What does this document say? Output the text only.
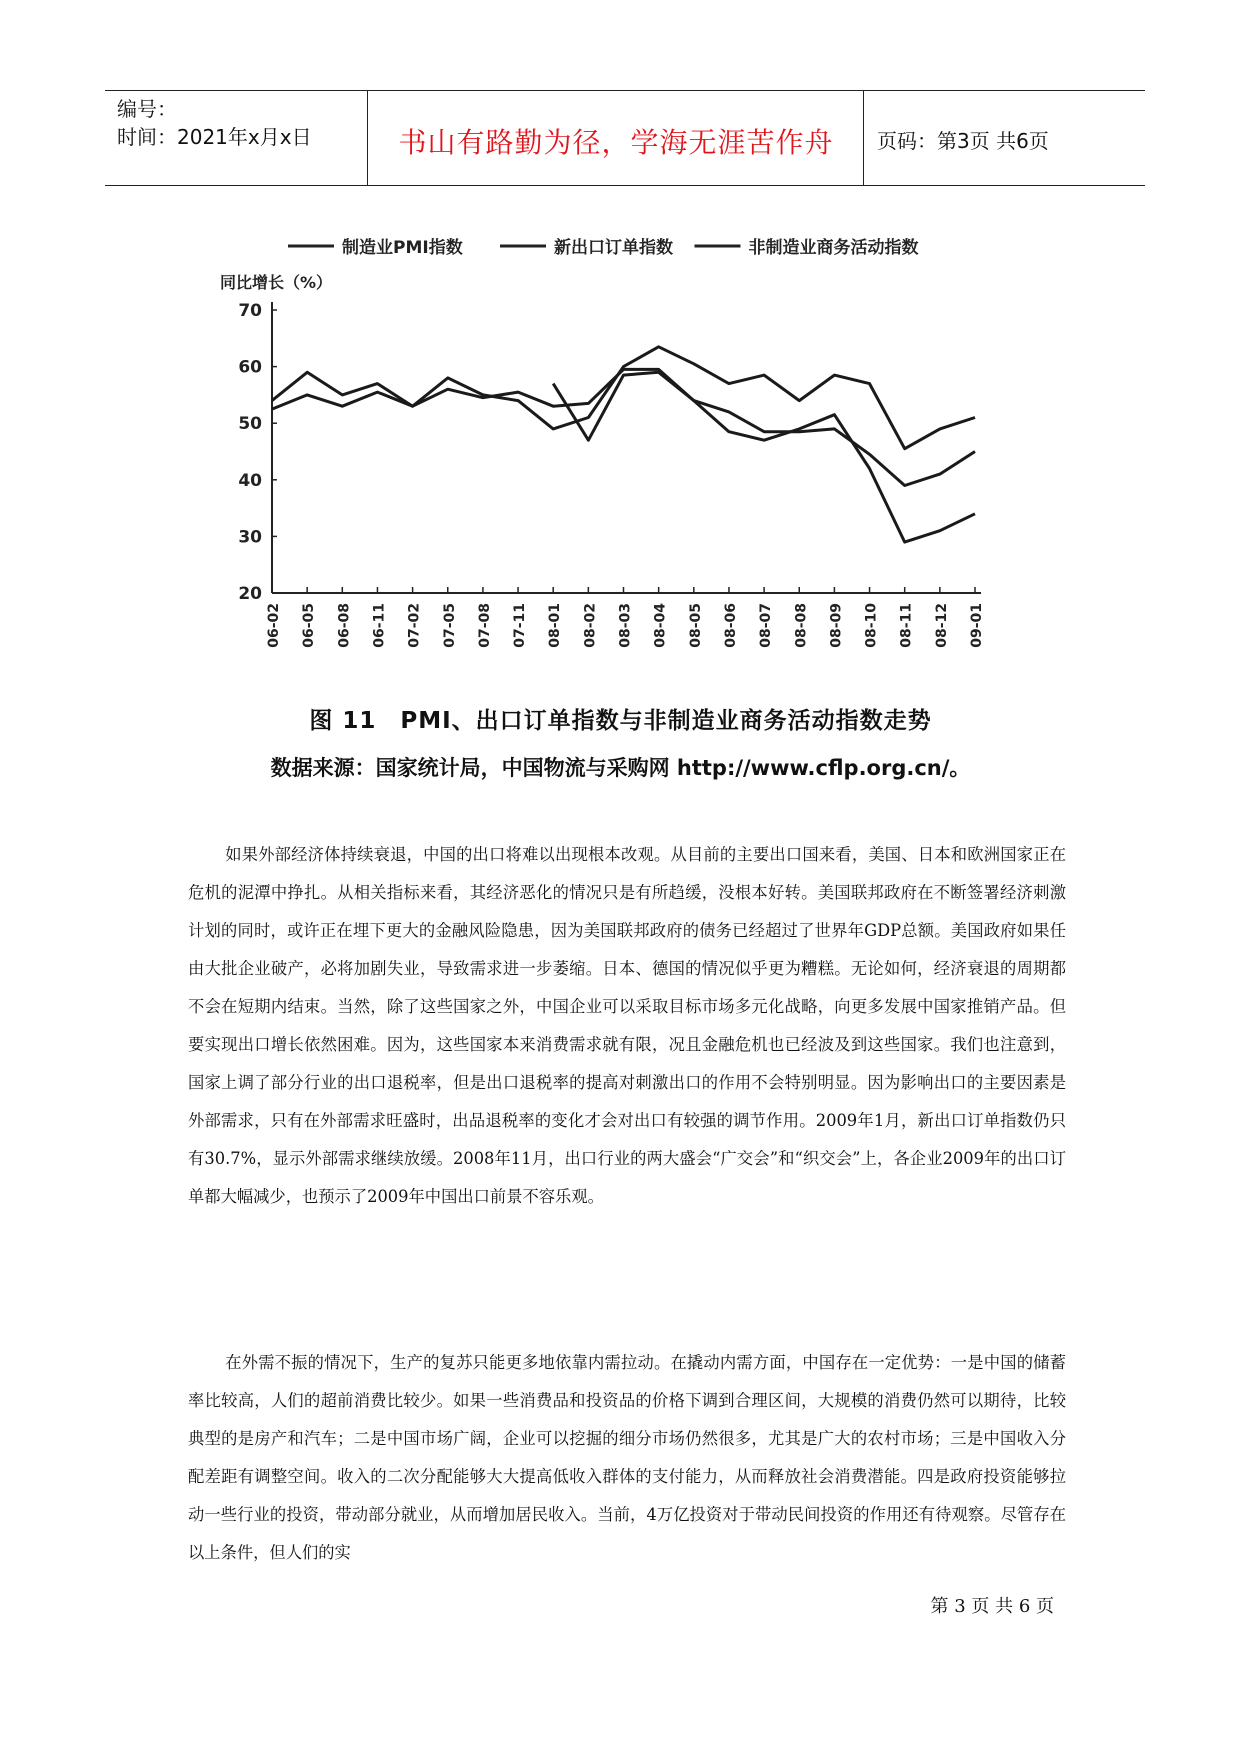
编号：
时间：2021年x月x日	书山有路勤为径，学海无涯苦作舟	页码：第3页 共6页
制造业PMI指数	新出口订单指数	非制造业商务活动指数
同比增长（%）
20
30
40
50
60
70
06-02 06-05 06-08 06-11 07-02 07-05 07-08 07-11 08-01 08-02 08-03 08-04 08-05 08-06 08-07 08-08 08-09 08-10 08-11 08-12 09-01
图 11　PMI、出口订单指数与非制造业商务活动指数走势
数据来源：国家统计局，中国物流与采购网 http://www.cflp.org.cn/。
如果外部经济体持续衰退，中国的出口将难以出现根本改观。从目前的主要出口国来看，美国、日本和欧洲国家正在危机的泥潭中挣扎。从相关指标来看，其经济恶化的情况只是有所趋缓，没根本好转。美国联邦政府在不断签署经济刺激计划的同时，或许正在埋下更大的金融风险隐患，因为美国联邦政府的债务已经超过了世界年GDP总额。美国政府如果任由大批企业破产，必将加剧失业，导致需求进一步萎缩。日本、德国的情况似乎更为糟糕。无论如何，经济衰退的周期都不会在短期内结束。当然，除了这些国家之外，中国企业可以采取目标市场多元化战略，向更多发展中国家推销产品。但要实现出口增长依然困难。因为，这些国家本来消费需求就有限，况且金融危机也已经波及到这些国家。我们也注意到，国家上调了部分行业的出口退税率，但是出口退税率的提高对刺激出口的作用不会特别明显。因为影响出口的主要因素是外部需求，只有在外部需求旺盛时，出品退税率的变化才会对出口有较强的调节作用。2009年1月，新出口订单指数仍只有30.7%，显示外部需求继续放缓。2008年11月，出口行业的两大盛会“广交会”和“织交会”上，各企业2009年的出口订单都大幅减少，也预示了2009年中国出口前景不容乐观。
在外需不振的情况下，生产的复苏只能更多地依靠内需拉动。在撬动内需方面，中国存在一定优势：一是中国的储蓄率比较高，人们的超前消费比较少。如果一些消费品和投资品的价格下调到合理区间，大规模的消费仍然可以期待，比较典型的是房产和汽车；二是中国市场广阔，企业可以挖掘的细分市场仍然很多，尤其是广大的农村市场；三是中国收入分配差距有调整空间。收入的二次分配能够大大提高低收入群体的支付能力，从而释放社会消费潜能。四是政府投资能够拉动一些行业的投资，带动部分就业，从而增加居民收入。当前，4万亿投资对于带动民间投资的作用还有待观察。尽管存在以上条件，但人们的实
第 3 页 共 6 页
